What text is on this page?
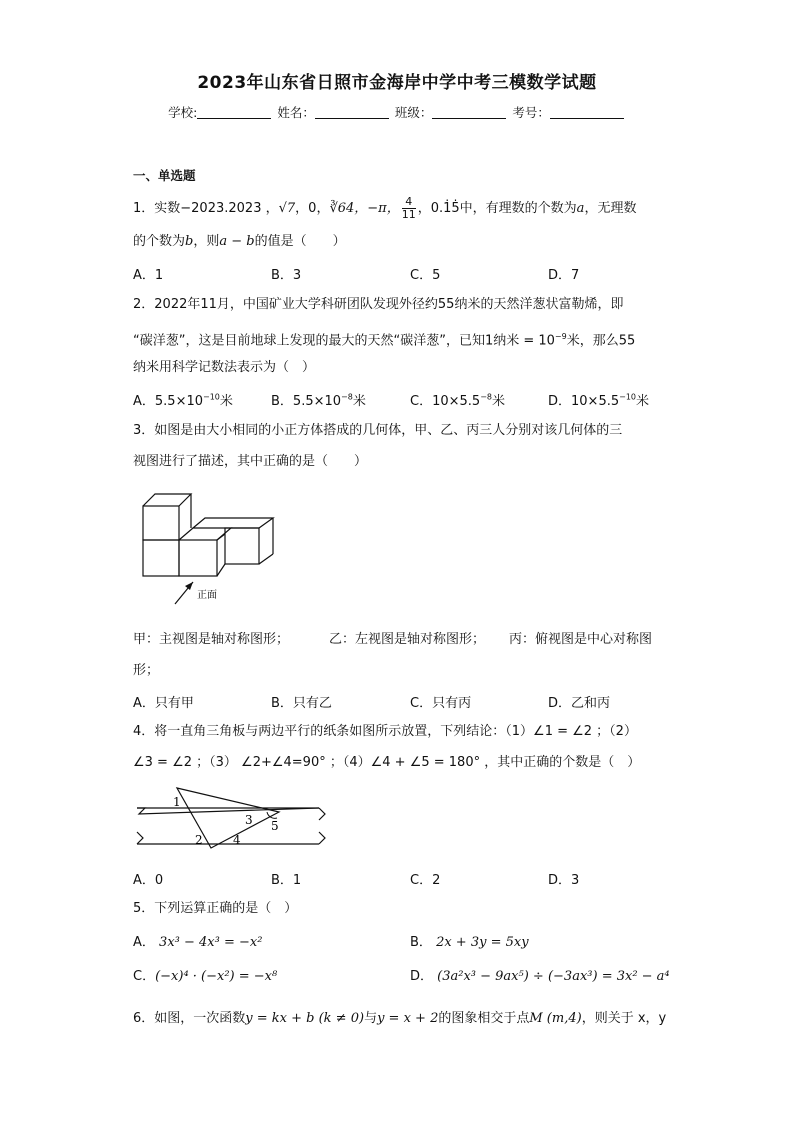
2023年山东省日照市金海岸中学中考三模数学试题
学校:	姓名：	班级：	考号：
一、单选题
1．实数−2023.2023 ，√7，0，∛64，−π， $\frac{4}{11}$ ，0.1̇5̇中，有理数的个数为a，无理数
的个数为b，则a − b的值是（　　）
A．1	B．3	C．5	D．7
2．2022年11月，中国矿业大学科研团队发现外径约55纳米的天然洋葱状富勒烯，即
“碳洋葱”，这是目前地球上发现的最大的天然“碳洋葱”，已知1纳米 = $10^{-9}$米，那么55
纳米用科学记数法表示为（　）
A．$5.5\times 10^{-10}$米	B．$5.5\times 10^{-8}$米	C．$10\times 5.5^{-8}$米	D．$10\times 5.5^{-10}$米
3．如图是由大小相同的小正方体搭成的几何体，甲、乙、丙三人分别对该几何体的三
视图进行了描述，其中正确的是（　　）
正面
甲：主视图是轴对称图形；	乙：左视图是轴对称图形； 丙：俯视图是中心对称图
形；
A．只有甲	B．只有乙	C．只有丙	D．乙和丙
4．将一直角三角板与两边平行的纸条如图所示放置，下列结论：（1）∠1 = ∠2 ；（2）
∠3 = ∠2 ；（3） ∠2+∠4=90° ；（4）∠4 + ∠5 = 180° ，其中正确的个数是（　）
1
2
3
4
5
A．0	B．1	C．2	D．3
5．下列运算正确的是（　）
A． 3x³ − 4x³ = −x²	B． 2x + 3y = 5xy
C．(−x)⁴ · (−x²) = −x⁸	D． (3a²x³ − 9ax⁵) ÷ (−3ax³) = 3x² − a⁴
6．如图，一次函数y = kx + b (k ≠ 0)与y = x + 2的图象相交于点M (m,4)，则关于 x，y
